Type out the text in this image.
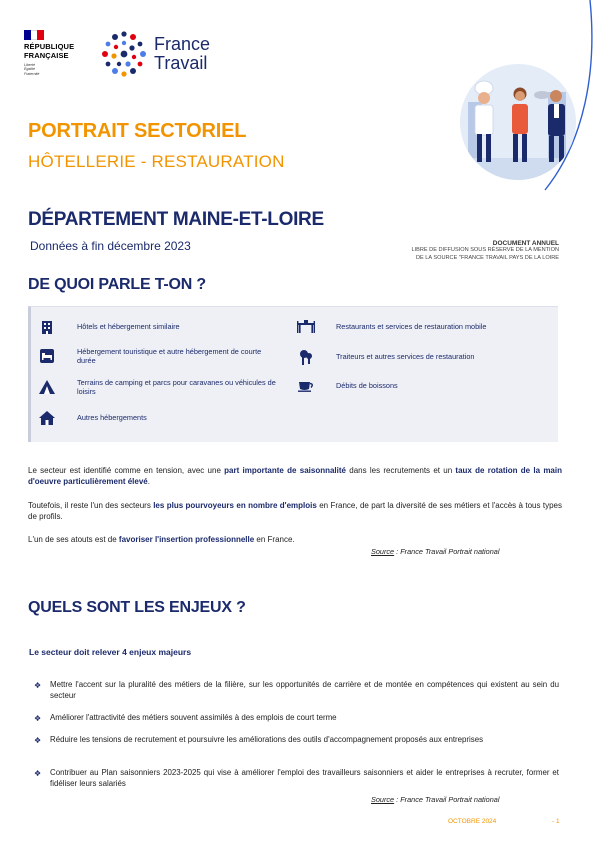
RÉPUBLIQUE
FRANÇAISE
Liberté
Égalité
Fraternité
France
Travail
PORTRAIT SECTORIEL
HÔTELLERIE - RESTAURATION
DÉPARTEMENT MAINE-ET-LOIRE
Données à fin décembre 2023	DOCUMENT ANNUEL
LIBRE DE DIFFUSION SOUS RÉSERVE DE LA MENTION
DE LA SOURCE "FRANCE TRAVAIL PAYS DE LA LOIRE
DE QUOI PARLE T-ON ?
Hôtels et hébergement similaire
Hébergement touristique et autre hébergement de courte durée
Terrains de camping et parcs pour caravanes ou véhicules de loisirs
Autres hébergements
Restaurants et services de restauration mobile
Traiteurs et autres services de restauration
Débits de boissons
Le secteur est identifié comme en tension, avec une part importante de saisonnalité dans les recrutements et un taux de rotation de la main d'oeuvre particulièrement élevé.
Toutefois, il reste l'un des secteurs les plus pourvoyeurs en nombre d'emplois en France, de part la diversité de ses métiers et l'accès à tous types de profils.
L'un de ses atouts est de favoriser l'insertion professionnelle en France.
Source : France Travail Portrait national
QUELS SONT LES ENJEUX ?
Le secteur doit relever 4 enjeux majeurs
❖	Mettre l'accent sur la pluralité des métiers de la filière, sur les opportunités de carrière et de montée en compétences qui existent au sein du secteur
❖	Améliorer l'attractivité des métiers souvent assimilés à des emplois de court terme
❖	Réduire les tensions de recrutement et poursuivre les améliorations des outils d'accompagnement proposés aux entreprises
❖	Contribuer au Plan saisonniers 2023-2025 qui vise à améliorer l'emploi des travailleurs saisonniers et aider le entreprises à recruter, former et fidéliser leurs salariés
Source : France Travail Portrait national
OCTOBRE 2024	- 1
